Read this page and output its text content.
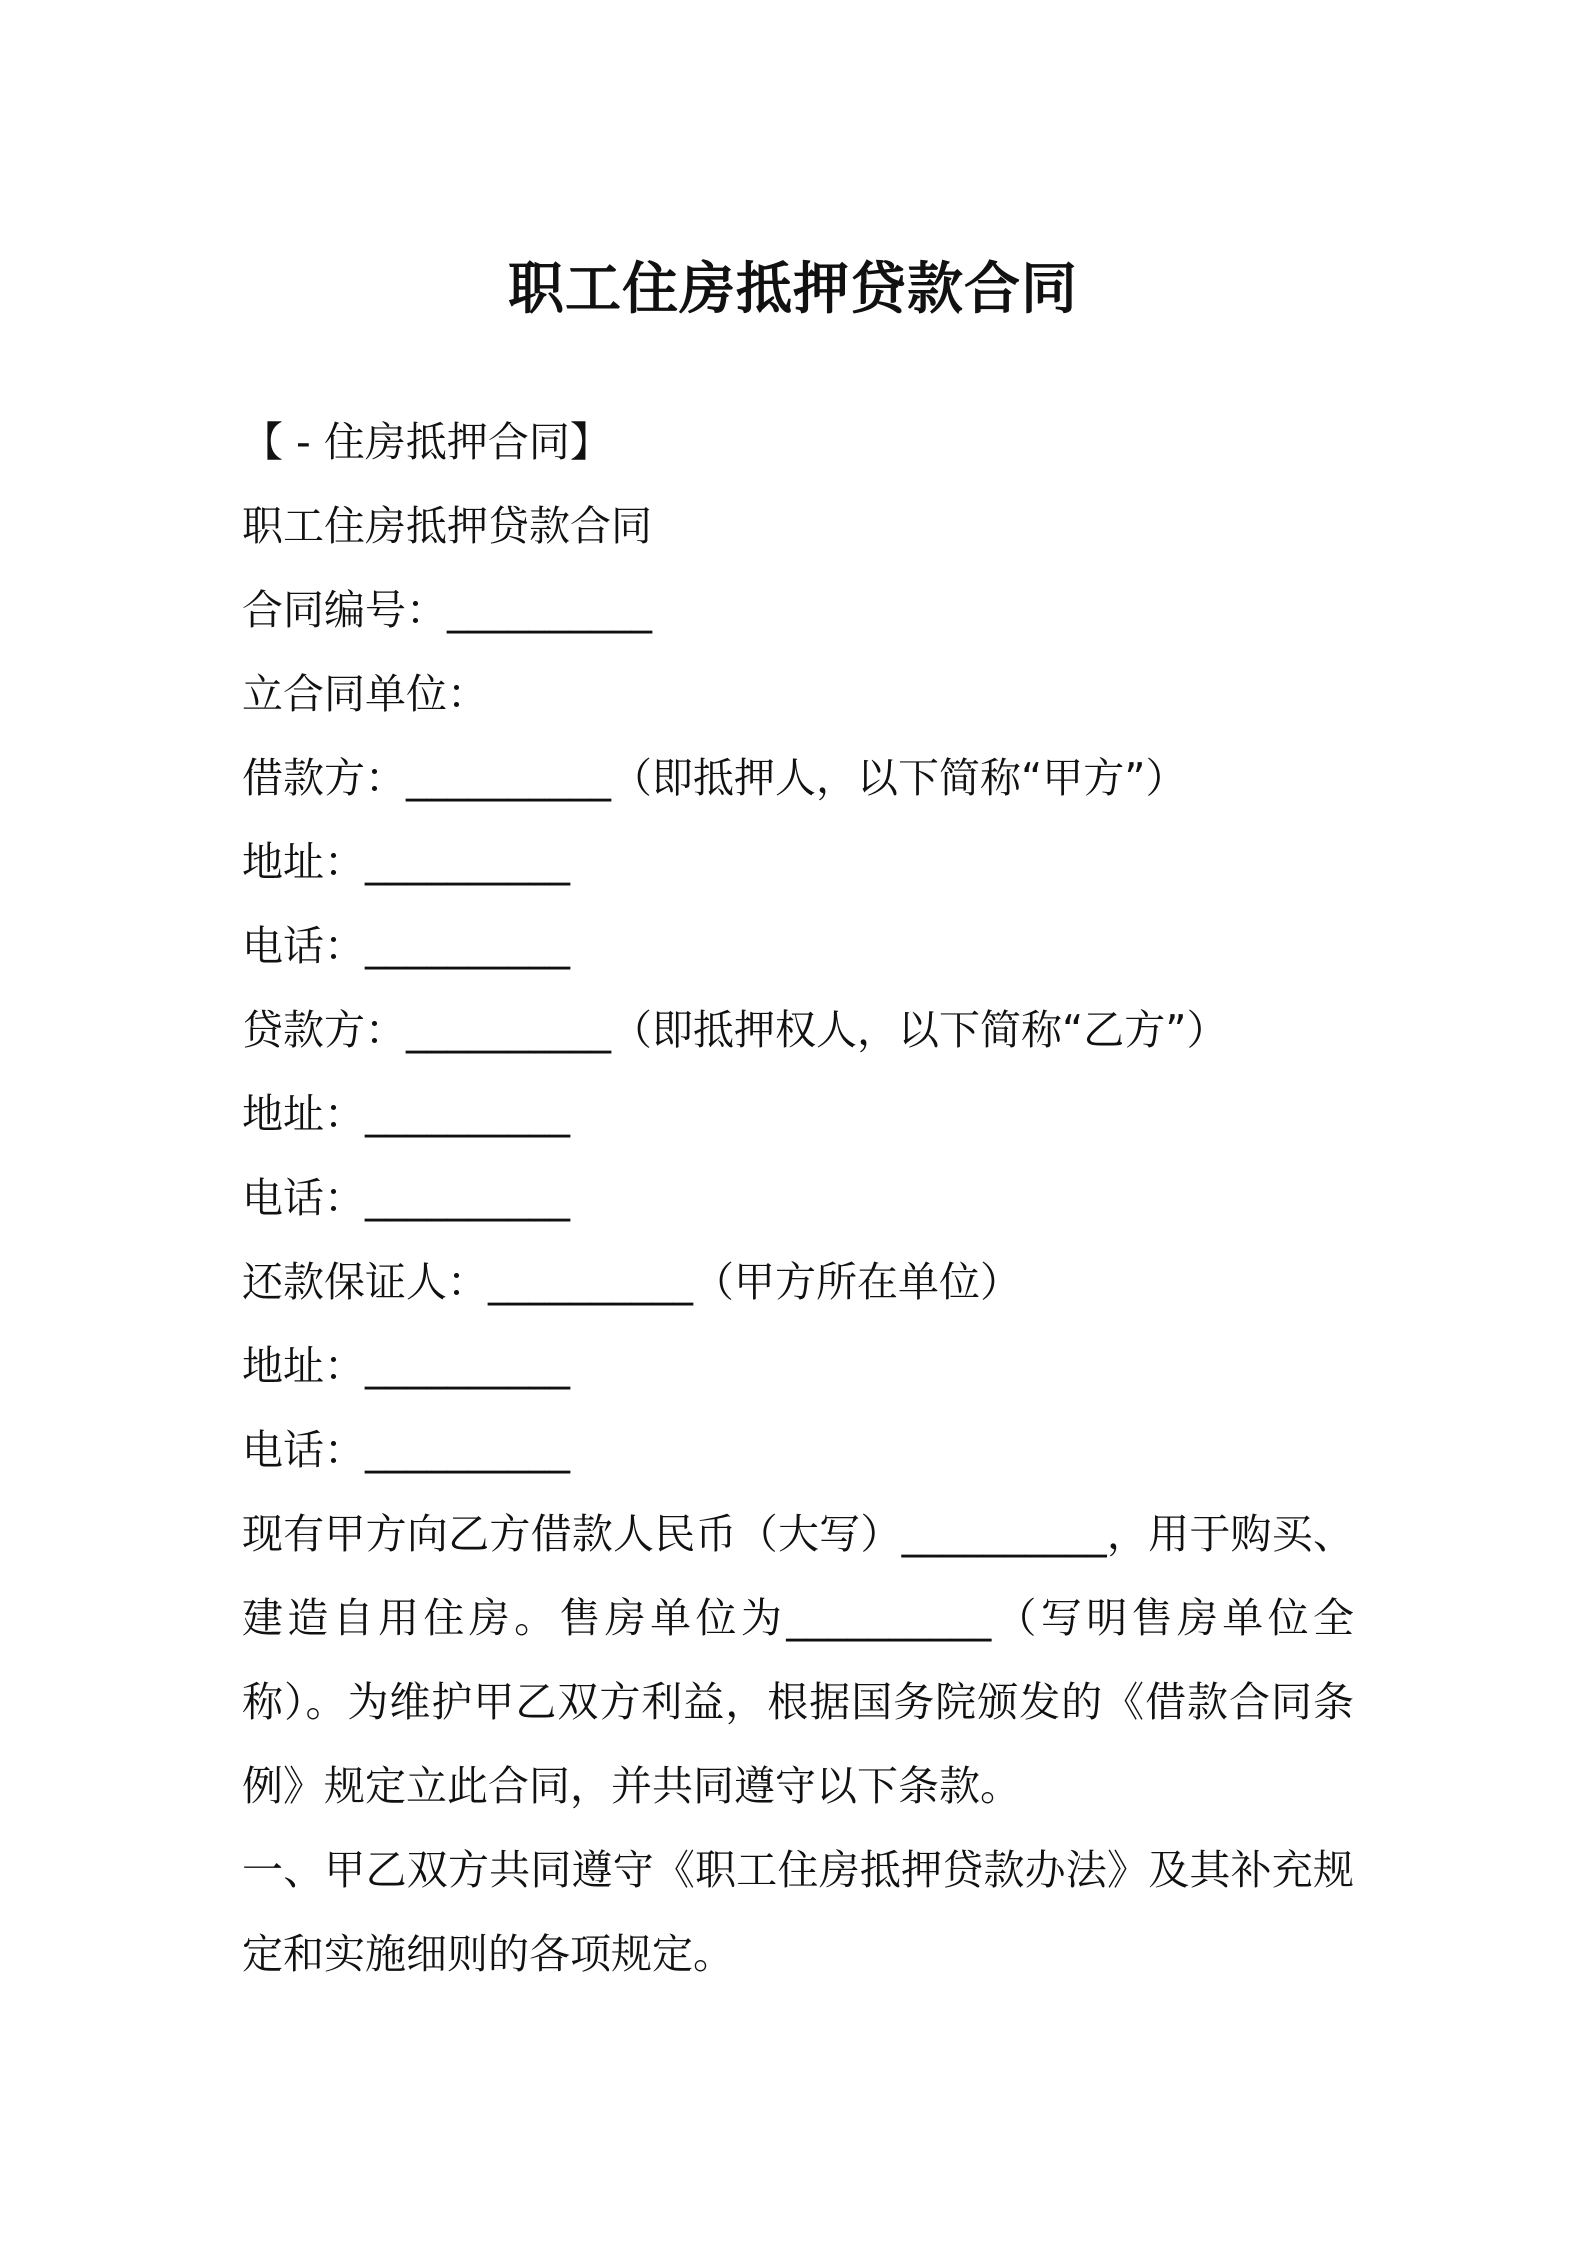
职工住房抵押贷款合同
【 - 住房抵押合同】
职工住房抵押贷款合同
合同编号：__________
立合同单位：
借款方：__________（即抵押人，以下简称“甲方”）
地址：__________
电话：__________
贷款方：__________（即抵押权人，以下简称“乙方”）
地址：__________
电话：__________
还款保证人：__________（甲方所在单位）
地址：__________
电话：__________
现有甲方向乙方借款人民币（大写）__________，用于购买、建造自用住房。售房单位为__________（写明售房单位全称）。为维护甲乙双方利益，根据国务院颁发的《借款合同条例》规定立此合同，并共同遵守以下条款。
一、甲乙双方共同遵守《职工住房抵押贷款办法》及其补充规定和实施细则的各项规定。
